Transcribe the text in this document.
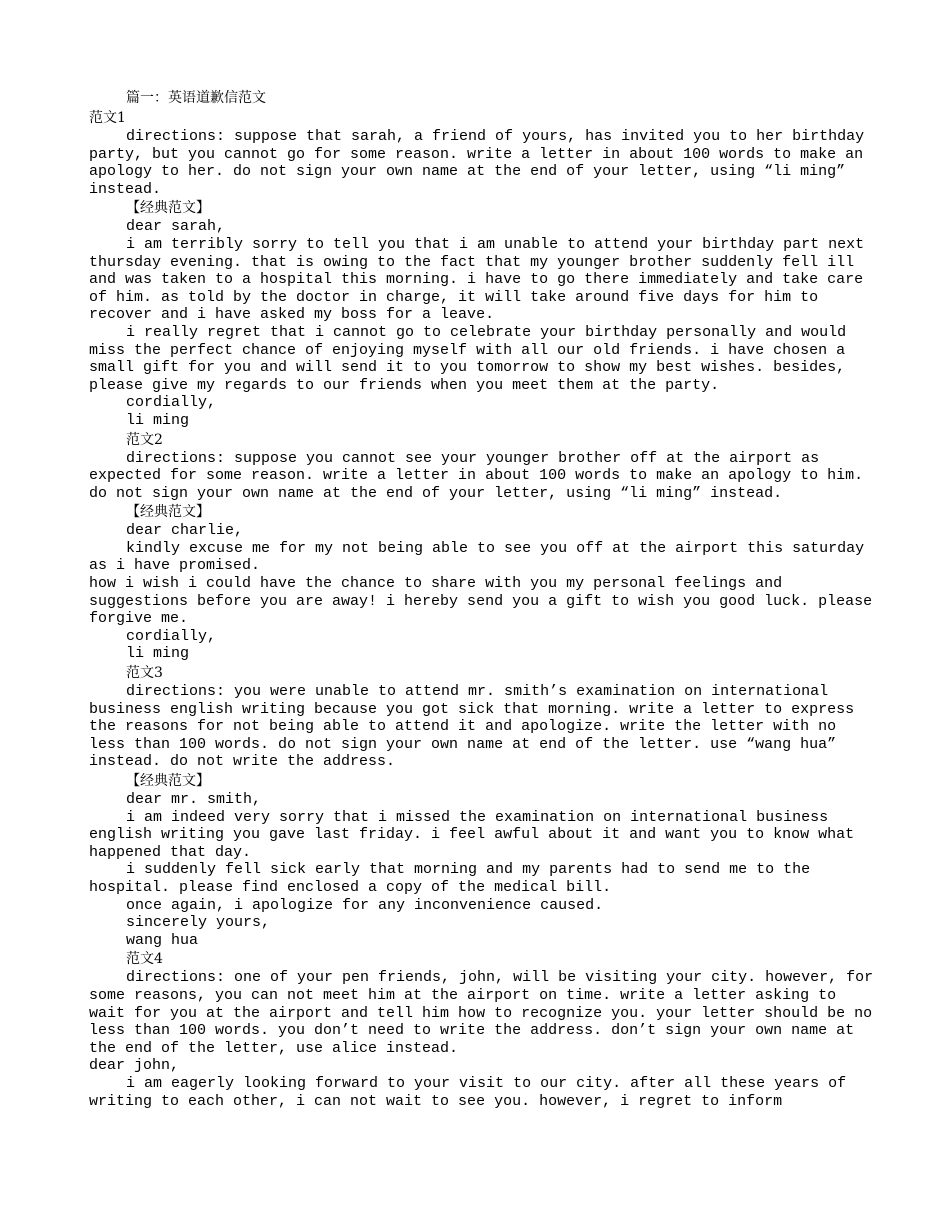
篇一：英语道歉信范文
范文1
directions: suppose that sarah, a friend of yours, has invited you to her birthday party, but you cannot go for some reason. write a letter in about 100 words to make an apology to her. do not sign your own name at the end of your letter, using “li ming” instead.
【经典范文】
dear sarah,
i am terribly sorry to tell you that i am unable to attend your birthday part next thursday evening. that is owing to the fact that my younger brother suddenly fell ill and was taken to a hospital this morning. i have to go there immediately and take care of him. as told by the doctor in charge, it will take around five days for him to recover and i have asked my boss for a leave.
i really regret that i cannot go to celebrate your birthday personally and would miss the perfect chance of enjoying myself with all our old friends. i have chosen a small gift for you and will send it to you tomorrow to show my best wishes. besides, please give my regards to our friends when you meet them at the party.
cordially,
li ming
范文2
directions: suppose you cannot see your younger brother off at the airport as expected for some reason. write a letter in about 100 words to make an apology to him. do not sign your own name at the end of your letter, using “li ming” instead.
【经典范文】
dear charlie,
kindly excuse me for my not being able to see you off at the airport this saturday as i have promised.
how i wish i could have the chance to share with you my personal feelings and suggestions before you are away! i hereby send you a gift to wish you good luck. please forgive me.
cordially,
li ming
范文3
directions: you were unable to attend mr. smith’s examination on international business english writing because you got sick that morning. write a letter to express the reasons for not being able to attend it and apologize. write the letter with no less than 100 words. do not sign your own name at end of the letter. use “wang hua” instead. do not write the address.
【经典范文】
dear mr. smith,
i am indeed very sorry that i missed the examination on international business english writing you gave last friday. i feel awful about it and want you to know what happened that day.
i suddenly fell sick early that morning and my parents had to send me to the hospital. please find enclosed a copy of the medical bill.
once again, i apologize for any inconvenience caused.
sincerely yours,
wang hua
范文4
directions: one of your pen friends, john, will be visiting your city. however, for some reasons, you can not meet him at the airport on time. write a letter asking to wait for you at the airport and tell him how to recognize you. your letter should be no less than 100 words. you don’t need to write the address. don’t sign your own name at the end of the letter, use alice instead.
dear john,
i am eagerly looking forward to your visit to our city. after all these years of writing to each other, i can not wait to see you. however, i regret to inform
